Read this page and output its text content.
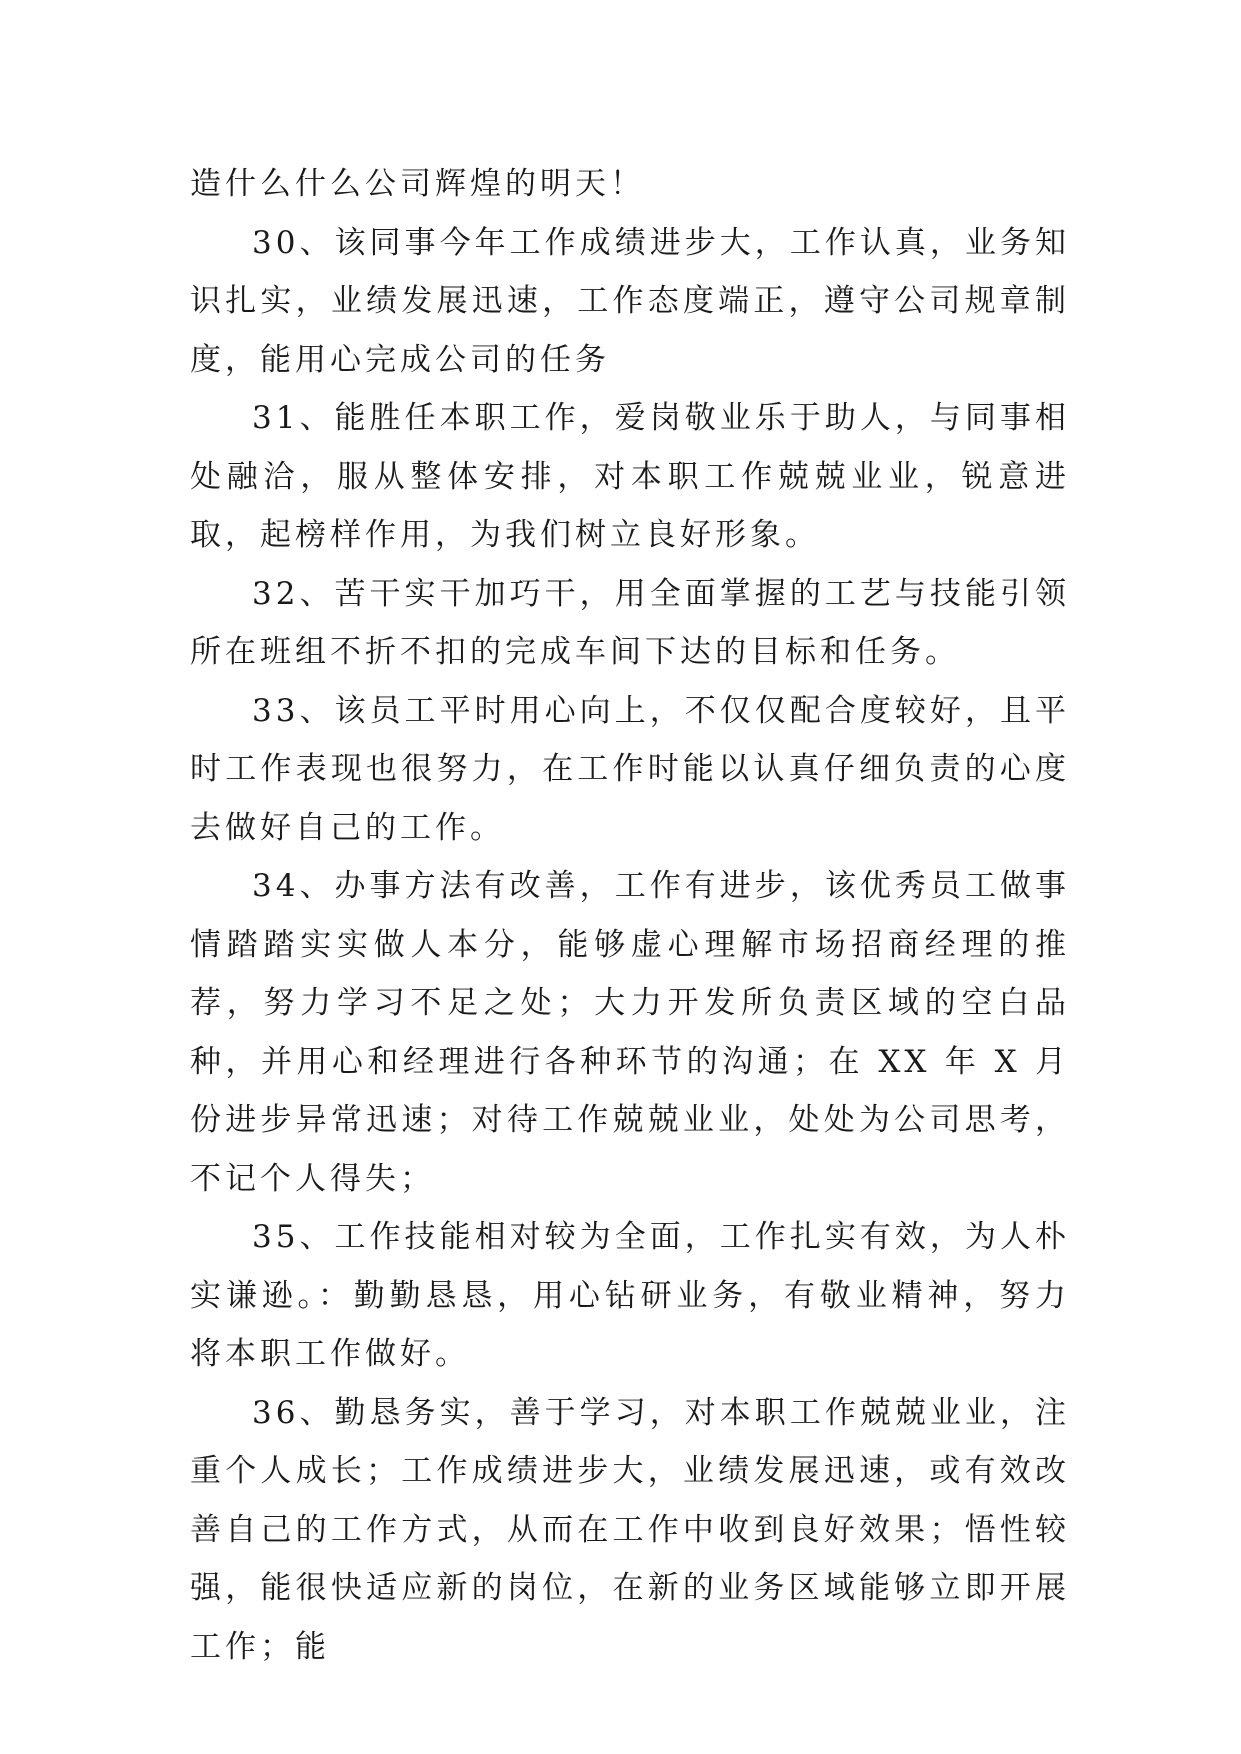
造什么什么公司辉煌的明天！

30、该同事今年工作成绩进步大，工作认真，业务知识扎实，业绩发展迅速，工作态度端正，遵守公司规章制度，能用心完成公司的任务

31、能胜任本职工作，爱岗敬业乐于助人，与同事相处融洽，服从整体安排，对本职工作兢兢业业，锐意进取，起榜样作用，为我们树立良好形象。

32、苦干实干加巧干，用全面掌握的工艺与技能引领所在班组不折不扣的完成车间下达的目标和任务。

33、该员工平时用心向上，不仅仅配合度较好，且平时工作表现也很努力，在工作时能以认真仔细负责的心度去做好自己的工作。

34、办事方法有改善，工作有进步，该优秀员工做事情踏踏实实做人本分，能够虚心理解市场招商经理的推荐，努力学习不足之处；大力开发所负责区域的空白品种，并用心和经理进行各种环节的沟通；在 XX 年 X 月份进步异常迅速；对待工作兢兢业业，处处为公司思考，不记个人得失；

35、工作技能相对较为全面，工作扎实有效，为人朴实谦逊。：勤勤恳恳，用心钻研业务，有敬业精神，努力将本职工作做好。

36、勤恳务实，善于学习，对本职工作兢兢业业，注重个人成长；工作成绩进步大，业绩发展迅速，或有效改善自己的工作方式，从而在工作中收到良好效果；悟性较强，能很快适应新的岗位，在新的业务区域能够立即开展工作；能
